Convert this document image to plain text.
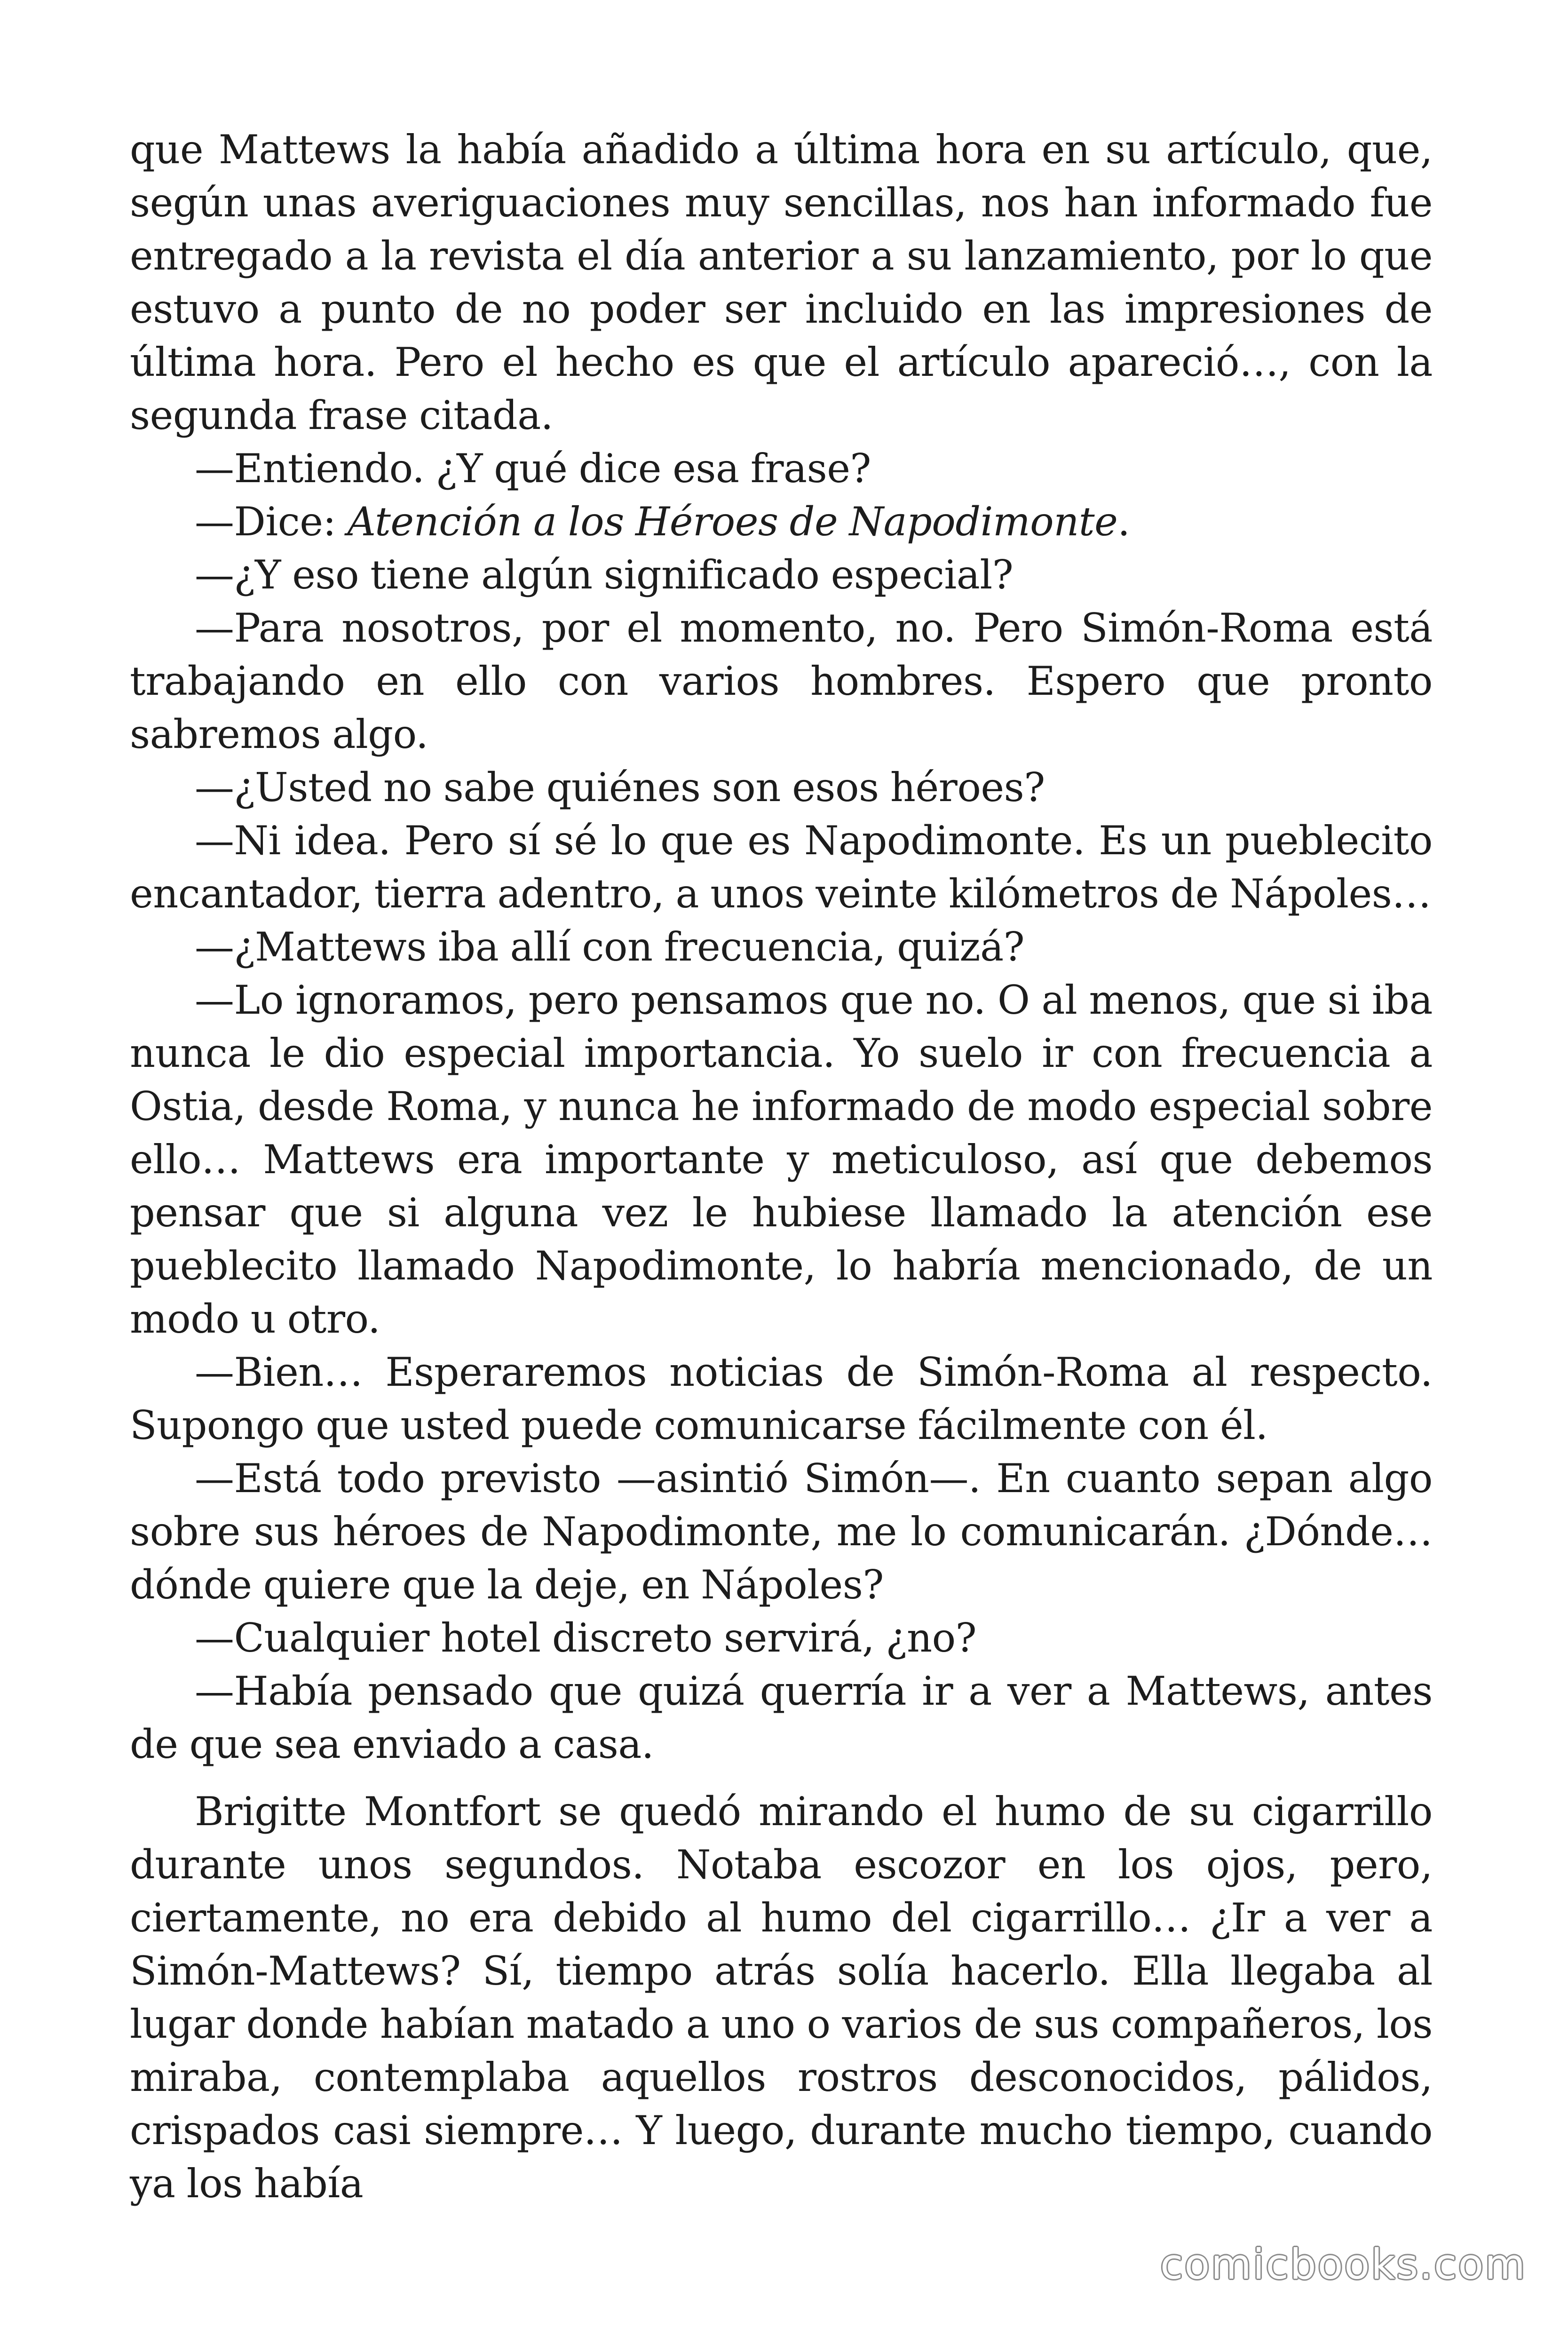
que Mattews la había añadido a última hora en su artículo, que, según unas averiguaciones muy sencillas, nos han informado fue entregado a la revista el día anterior a su lanzamiento, por lo que estuvo a punto de no poder ser incluido en las impresiones de última hora. Pero el hecho es que el artículo apareció…, con la segunda frase citada.

—Entiendo. ¿Y qué dice esa frase?

—Dice: Atención a los Héroes de Napodimonte.

—¿Y eso tiene algún significado especial?

—Para nosotros, por el momento, no. Pero Simón-Roma está trabajando en ello con varios hombres. Espero que pronto sabremos algo.

—¿Usted no sabe quiénes son esos héroes?

—Ni idea. Pero sí sé lo que es Napodimonte. Es un pueblecito encantador, tierra adentro, a unos veinte kilómetros de Nápoles…

—¿Mattews iba allí con frecuencia, quizá?

—Lo ignoramos, pero pensamos que no. O al menos, que si iba nunca le dio especial importancia. Yo suelo ir con frecuencia a Ostia, desde Roma, y nunca he informado de modo especial sobre ello… Mattews era importante y meticuloso, así que debemos pensar que si alguna vez le hubiese llamado la atención ese pueblecito llamado Napodimonte, lo habría mencionado, de un modo u otro.

—Bien… Esperaremos noticias de Simón-Roma al respecto. Supongo que usted puede comunicarse fácilmente con él.

—Está todo previsto —asintió Simón—. En cuanto sepan algo sobre sus héroes de Napodimonte, me lo comunicarán. ¿Dónde… dónde quiere que la deje, en Nápoles?

—Cualquier hotel discreto servirá, ¿no?

—Había pensado que quizá querría ir a ver a Mattews, antes de que sea enviado a casa.

Brigitte Montfort se quedó mirando el humo de su cigarrillo durante unos segundos. Notaba escozor en los ojos, pero, ciertamente, no era debido al humo del cigarrillo… ¿Ir a ver a Simón-Mattews? Sí, tiempo atrás solía hacerlo. Ella llegaba al lugar donde habían matado a uno o varios de sus compañeros, los miraba, contemplaba aquellos rostros desconocidos, pálidos, crispados casi siempre… Y luego, durante mucho tiempo, cuando ya los había

comicbooks.com
